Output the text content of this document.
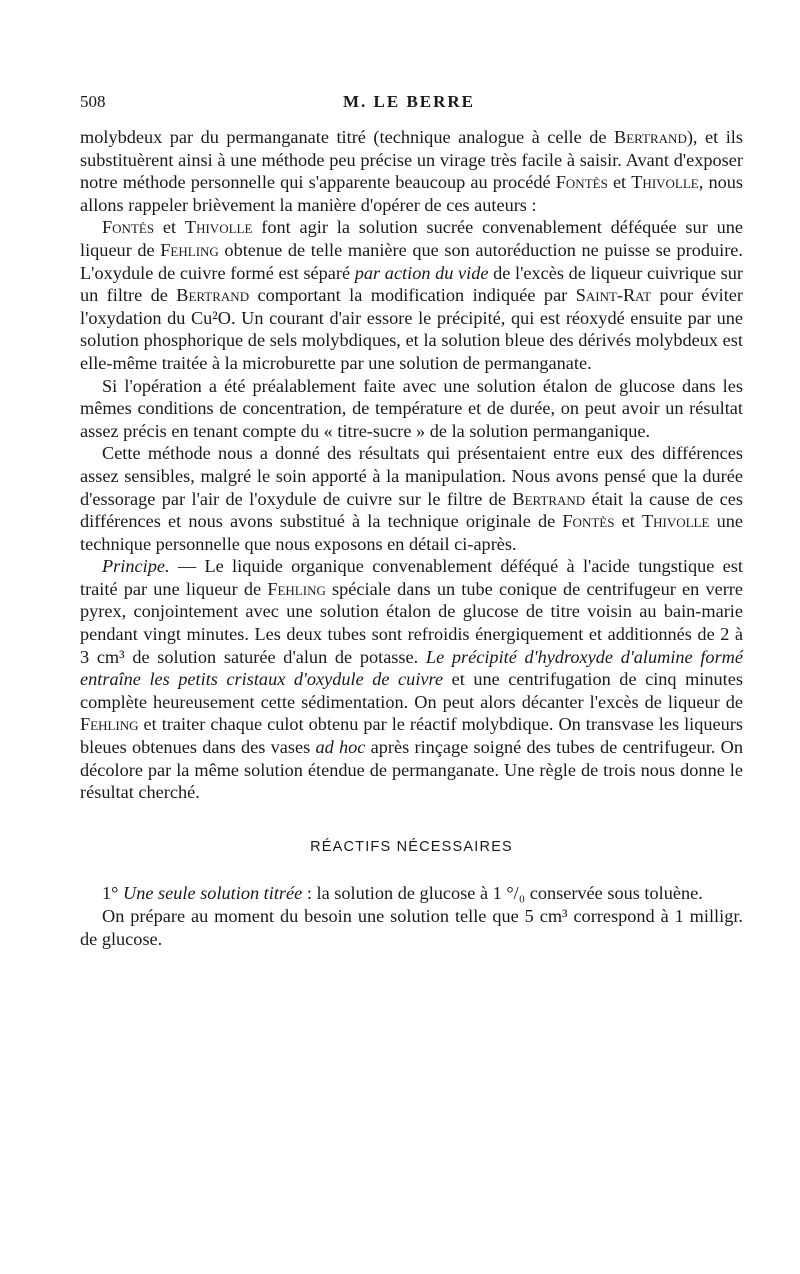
508	M. LE BERRE

molybdeux par du permanganate titré (technique analogue à celle de Bertrand), et ils substituèrent ainsi à une méthode peu précise un virage très facile à saisir. Avant d'exposer notre méthode personnelle qui s'apparente beaucoup au procédé Fontès et Thivolle, nous allons rappeler brièvement la manière d'opérer de ces auteurs :

Fontés et Thivolle font agir la solution sucrée convenablement déféquée sur une liqueur de Fehling obtenue de telle manière que son autoréduction ne puisse se produire. L'oxydule de cuivre formé est séparé par action du vide de l'excès de liqueur cuivrique sur un filtre de Bertrand comportant la modification indiquée par Saint-Rat pour éviter l'oxydation du Cu²O. Un courant d'air essore le précipité, qui est réoxydé ensuite par une solution phosphorique de sels molybdiques, et la solution bleue des dérivés molybdeux est elle-même traitée à la microburette par une solution de permanganate.

Si l'opération a été préalablement faite avec une solution étalon de glucose dans les mêmes conditions de concentration, de température et de durée, on peut avoir un résultat assez précis en tenant compte du « titre-sucre » de la solution permanganique.

Cette méthode nous a donné des résultats qui présentaient entre eux des différences assez sensibles, malgré le soin apporté à la manipulation. Nous avons pensé que la durée d'essorage par l'air de l'oxydule de cuivre sur le filtre de Bertrand était la cause de ces différences et nous avons substitué à la technique originale de Fontès et Thivolle une technique personnelle que nous exposons en détail ci-après.

Principe. — Le liquide organique convenablement déféqué à l'acide tungstique est traité par une liqueur de Fehling spéciale dans un tube conique de centrifugeur en verre pyrex, conjointement avec une solution étalon de glucose de titre voisin au bain-marie pendant vingt minutes. Les deux tubes sont refroidis énergiquement et additionnés de 2 à 3 cm³ de solution saturée d'alun de potasse. Le précipité d'hydroxyde d'alumine formé entraîne les petits cristaux d'oxydule de cuivre et une centrifugation de cinq minutes complète heureusement cette sédimentation. On peut alors décanter l'excès de liqueur de Fehling et traiter chaque culot obtenu par le réactif molybdique. On transvase les liqueurs bleues obtenues dans des vases ad hoc après rinçage soigné des tubes de centrifugeur. On décolore par la même solution étendue de permanganate. Une règle de trois nous donne le résultat cherché.

RÉACTIFS NÉCESSAIRES

1° Une seule solution titrée : la solution de glucose à 1 °/₀ conservée sous toluène.

On prépare au moment du besoin une solution telle que 5 cm³ correspond à 1 milligr. de glucose.
